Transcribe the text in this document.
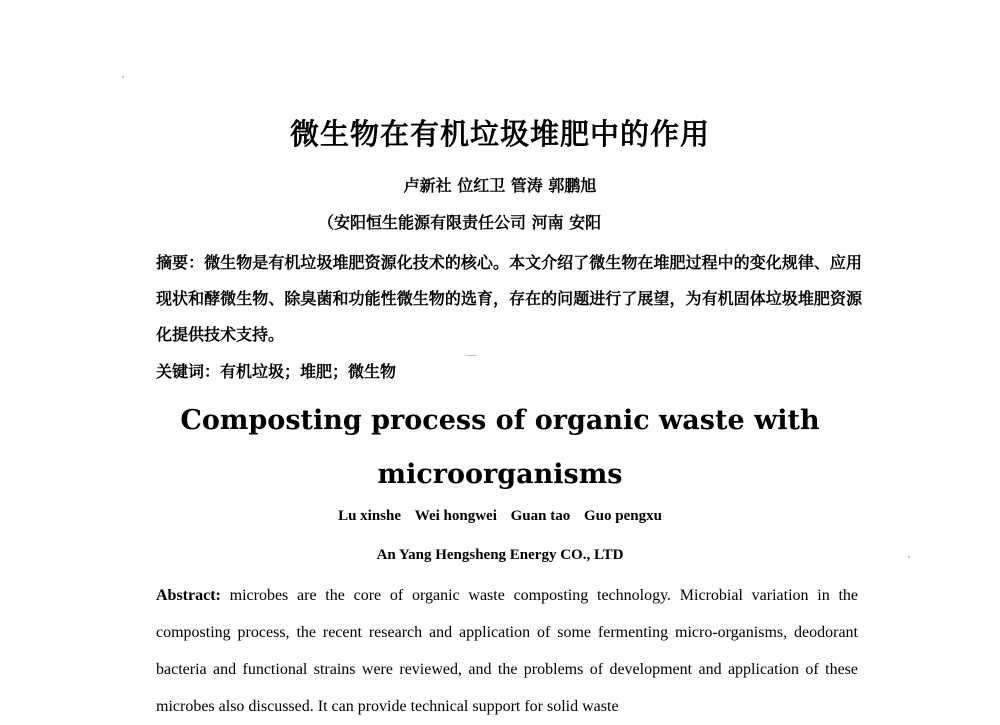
微生物在有机垃圾堆肥中的作用
卢新社 位红卫 管涛 郭鹏旭
（安阳恒生能源有限责任公司 河南 安阳
摘要：微生物是有机垃圾堆肥资源化技术的核心。本文介绍了微生物在堆肥过程中的变化规律、应用现状和酵微生物、除臭菌和功能性微生物的选育，存在的问题进行了展望，为有机固体垃圾堆肥资源化提供技术支持。
关键词：有机垃圾；堆肥；微生物
Composting process of organic waste with
microorganisms
Lu xinshe Wei hongwei Guan tao Guo pengxu
An Yang Hengsheng Energy CO., LTD
Abstract: microbes are the core of organic waste composting technology. Microbial variation in the composting process, the recent research and application of some fermenting micro-organisms, deodorant bacteria and functional strains were reviewed, and the problems of development and application of these microbes also discussed. It can provide technical support for solid waste
